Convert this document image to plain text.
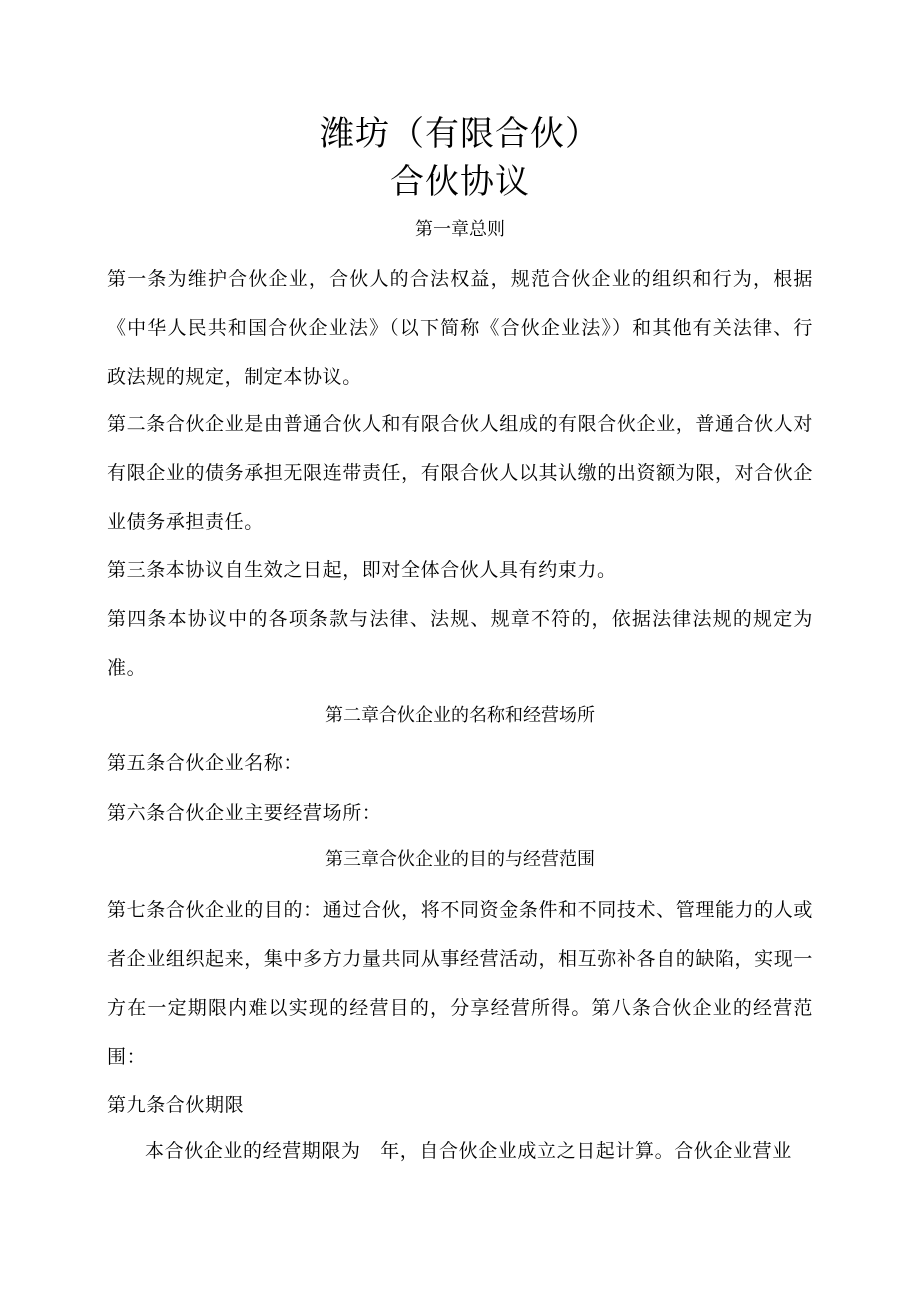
潍坊（有限合伙）
合伙协议
第一章总则
第一条为维护合伙企业，合伙人的合法权益，规范合伙企业的组织和行为，根据《中华人民共和国合伙企业法》（以下简称《合伙企业法》）和其他有关法律、行政法规的规定，制定本协议。
第二条合伙企业是由普通合伙人和有限合伙人组成的有限合伙企业，普通合伙人对有限企业的债务承担无限连带责任，有限合伙人以其认缴的出资额为限，对合伙企业债务承担责任。
第三条本协议自生效之日起，即对全体合伙人具有约束力。
第四条本协议中的各项条款与法律、法规、规章不符的，依据法律法规的规定为准。
第二章合伙企业的名称和经营场所
第五条合伙企业名称：
第六条合伙企业主要经营场所：
第三章合伙企业的目的与经营范围
第七条合伙企业的目的：通过合伙，将不同资金条件和不同技术、管理能力的人或者企业组织起来，集中多方力量共同从事经营活动，相互弥补各自的缺陷，实现一方在一定期限内难以实现的经营目的，分享经营所得。第八条合伙企业的经营范围：
第九条合伙期限
本合伙企业的经营期限为　年，自合伙企业成立之日起计算。合伙企业营业
